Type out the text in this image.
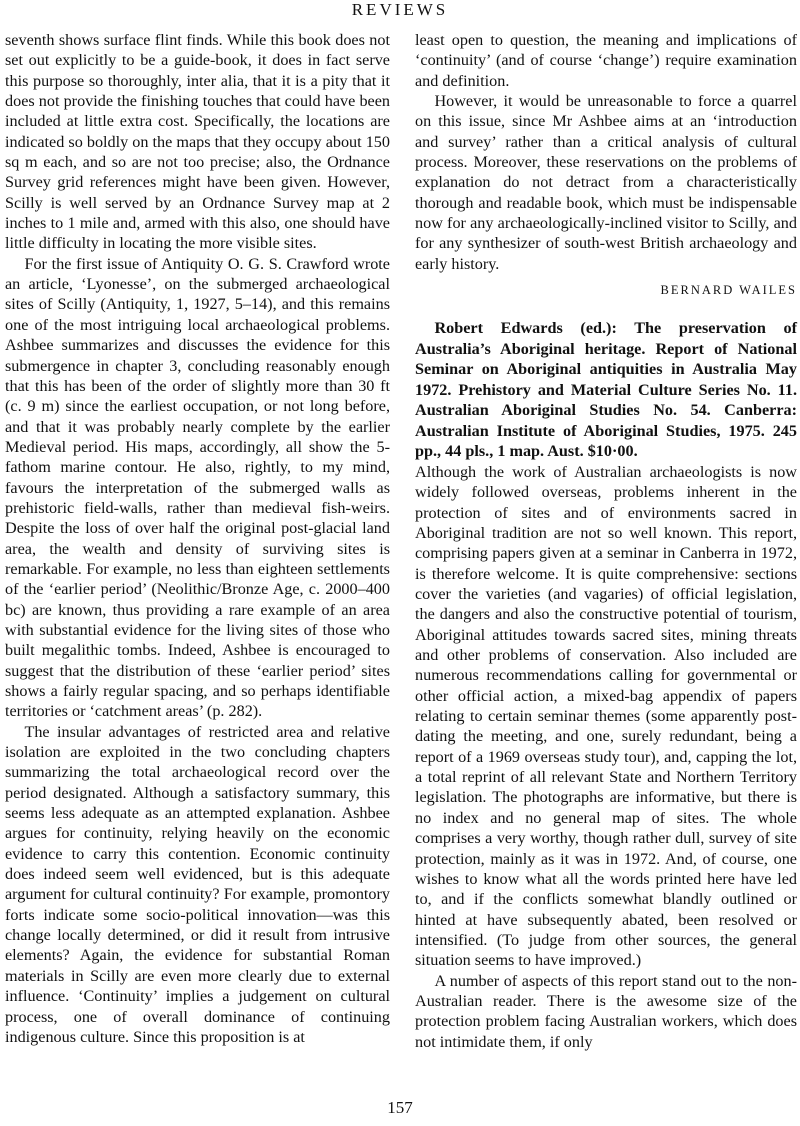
REVIEWS

seventh shows surface flint finds. While this book does not set out explicitly to be a guide-book, it does in fact serve this purpose so thoroughly, inter alia, that it is a pity that it does not provide the finishing touches that could have been included at little extra cost. Specifically, the locations are indicated so boldly on the maps that they occupy about 150 sq m each, and so are not too precise; also, the Ordnance Survey grid references might have been given. However, Scilly is well served by an Ordnance Survey map at 2 inches to 1 mile and, armed with this also, one should have little difficulty in locating the more visible sites.

For the first issue of Antiquity O. G. S. Crawford wrote an article, ‘Lyonesse’, on the submerged archaeological sites of Scilly (Antiquity, 1, 1927, 5–14), and this remains one of the most intriguing local archaeological problems. Ashbee summarizes and discusses the evidence for this submergence in chapter 3, concluding reasonably enough that this has been of the order of slightly more than 30 ft (c. 9 m) since the earliest occupation, or not long before, and that it was probably nearly complete by the earlier Medieval period. His maps, accordingly, all show the 5-fathom marine contour. He also, rightly, to my mind, favours the interpretation of the submerged walls as prehistoric field-walls, rather than medieval fish-weirs. Despite the loss of over half the original post-glacial land area, the wealth and density of surviving sites is remarkable. For example, no less than eighteen settlements of the ‘earlier period’ (Neolithic/Bronze Age, c. 2000–400 bc) are known, thus providing a rare example of an area with substantial evidence for the living sites of those who built megalithic tombs. Indeed, Ashbee is encouraged to suggest that the distribution of these ‘earlier period’ sites shows a fairly regular spacing, and so perhaps identifiable territories or ‘catchment areas’ (p. 282).

The insular advantages of restricted area and relative isolation are exploited in the two concluding chapters summarizing the total archaeological record over the period designated. Although a satisfactory summary, this seems less adequate as an attempted explanation. Ashbee argues for continuity, relying heavily on the economic evidence to carry this contention. Economic continuity does indeed seem well evidenced, but is this adequate argument for cultural continuity? For example, promontory forts indicate some socio-political innovation—was this change locally determined, or did it result from intrusive elements? Again, the evidence for substantial Roman materials in Scilly are even more clearly due to external influence. ‘Continuity’ implies a judgement on cultural process, one of overall dominance of continuing indigenous culture. Since this proposition is at

least open to question, the meaning and implications of ‘continuity’ (and of course ‘change’) require examination and definition.

However, it would be unreasonable to force a quarrel on this issue, since Mr Ashbee aims at an ‘introduction and survey’ rather than a critical analysis of cultural process. Moreover, these reservations on the problems of explanation do not detract from a characteristically thorough and readable book, which must be indispensable now for any archaeologically-inclined visitor to Scilly, and for any synthesizer of south-west British archaeology and early history.

BERNARD WAILES

Robert Edwards (ed.): The preservation of Australia’s Aboriginal heritage. Report of National Seminar on Aboriginal antiquities in Australia May 1972. Prehistory and Material Culture Series No. 11. Australian Aboriginal Studies No. 54. Canberra: Australian Institute of Aboriginal Studies, 1975. 245 pp., 44 pls., 1 map. Aust. $10·00.

Although the work of Australian archaeologists is now widely followed overseas, problems inherent in the protection of sites and of environments sacred in Aboriginal tradition are not so well known. This report, comprising papers given at a seminar in Canberra in 1972, is therefore welcome. It is quite comprehensive: sections cover the varieties (and vagaries) of official legislation, the dangers and also the constructive potential of tourism, Aboriginal attitudes towards sacred sites, mining threats and other problems of conservation. Also included are numerous recommendations calling for governmental or other official action, a mixed-bag appendix of papers relating to certain seminar themes (some apparently post-dating the meeting, and one, surely redundant, being a report of a 1969 overseas study tour), and, capping the lot, a total reprint of all relevant State and Northern Territory legislation. The photographs are informative, but there is no index and no general map of sites. The whole comprises a very worthy, though rather dull, survey of site protection, mainly as it was in 1972. And, of course, one wishes to know what all the words printed here have led to, and if the conflicts somewhat blandly outlined or hinted at have subsequently abated, been resolved or intensified. (To judge from other sources, the general situation seems to have improved.)

A number of aspects of this report stand out to the non-Australian reader. There is the awesome size of the protection problem facing Australian workers, which does not intimidate them, if only

157
